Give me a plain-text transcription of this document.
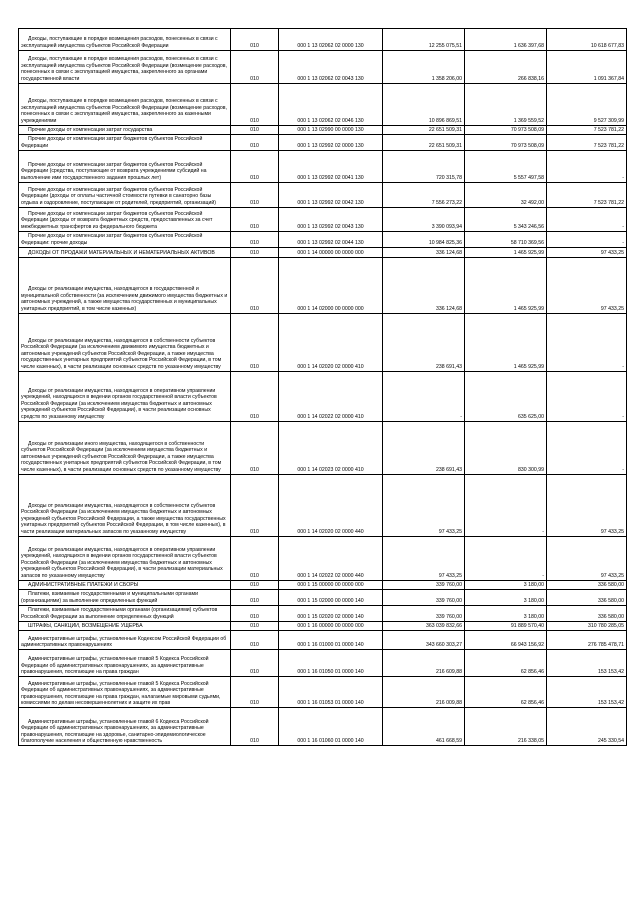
Доходы, поступающие в порядке возмещения расходов, понесенных в связи с эксплуатацией имущества субъектов Российской Федерации	010	000 1 13 02062 02 0000 130	12 255 075,51	1 636 397,68	10 618 677,83
Доходы, поступающие в порядке возмещения расходов, понесенных в связи с эксплуатацией имущества субъектов Российской Федерации (возмещение расходов, понесенных в связи с эксплуатацией имущества, закрепленного за органами государственной власти	010	000 1 13 02062 02 0043 130	1 358 206,00	266 838,16	1 091 367,84
Доходы, поступающие в порядке возмещения расходов, понесенных в связи с эксплуатацией имущества субъектов Российской Федерации (возмещение расходов, понесенных в связи с эксплуатацией имущества, закрепленного за казенными учреждениями	010	000 1 13 02062 02 0046 130	10 896 869,51	1 369 559,52	9 527 309,99
Прочие доходы от компенсации затрат государства	010	000 1 13 02990 00 0000 130	22 651 509,31	70 973 508,09	7 523 781,22
Прочие доходы от компенсации затрат бюджетов субъектов Российской Федерации	010	000 1 13 02992 02 0000 130	22 651 509,31	70 973 508,09	7 523 781,22
Прочие доходы от компенсации затрат бюджетов субъектов Российской Федерации (средства, поступающие от возврата учреждениями субсидий на выполнение ими государственного задания прошлых лет)	010	000 1 13 02992 02 0041 130	720 315,78	5 557 497,58	-
Прочие доходы от компенсации затрат бюджетов субъектов Российской Федерации (доходы от оплаты частичной стоимости путевки в санаторно базы отдыха и оздоровление, поступающие от родителей, предприятий, организаций)	010	000 1 13 02992 02 0042 130	7 556 273,22	32 492,00	7 523 781,22
Прочие доходы от компенсации затрат бюджетов субъектов Российской Федерации (доходы от возврата бюджетных средств, предоставленных за счет межбюджетных трансфертов из федерального бюджета	010	000 1 13 02992 02 0043 130	3 390 093,94	5 343 246,56	-
Прочие доходы от компенсации затрат бюджетов субъектов Российской Федерации: прочие доходы	010	000 1 13 02992 02 0044 130	10 984 825,36	58 710 369,56	-
ДОХОДЫ ОТ ПРОДАЖИ МАТЕРИАЛЬНЫХ И НЕМАТЕРИАЛЬНЫХ АКТИВОВ	010	000 1 14 00000 00 0000 000	336 124,68	1 465 925,99	97 433,25
Доходы от реализации имущества, находящегося в государственной и муниципальной собственности (за исключением движимого имущества бюджетных и автономных учреждений, а также имущества государственных и муниципальных унитарных предприятий, в том числе казенных)	010	000 1 14 02000 00 0000 000	336 124,68	1 465 925,99	97 433,25
Доходы от реализации имущества, находящегося в собственности субъектов Российской Федерации (за исключением движимого имущества бюджетных и автономных учреждений субъектов Российской Федерации, а также имущества государственных унитарных предприятий субъектов Российской Федерации, в том числе казенных), в части реализации основных средств по указанному имуществу	010	000 1 14 02020 02 0000 410	238 691,43	1 465 925,99	-
Доходы от реализации имущества, находящегося в оперативном управлении учреждений, находящихся в ведении органов государственной власти субъектов Российской Федерации (за исключением имущества бюджетных и автономных учреждений субъектов Российской Федерации), в части реализации основных средств по указанному имуществу	010	000 1 14 02022 02 0000 410	-	635 625,00	-
Доходы от реализации иного имущества, находящегося в собственности субъектов Российской Федерации (за исключением имущества бюджетных и автономных учреждений субъектов Российской Федерации, а также имущества государственных унитарных предприятий субъектов Российской Федерации, в том числе казенных), в части реализации основных средств по указанному имуществу	010	000 1 14 02023 02 0000 410	238 691,43	830 300,99	-
Доходы от реализации имущества, находящегося в собственности субъектов Российской Федерации (за исключением имущества бюджетных и автономных учреждений субъектов Российской Федерации, а также имущества государственных унитарных предприятий субъектов Российской Федерации, в том числе казенных), в части реализации материальных запасов по указанному имуществу	010	000 1 14 02020 02 0000 440	97 433,25	-	97 433,25
Доходы от реализации имущества, находящегося в оперативном управлении учреждений, находящихся в ведении органов государственной власти субъектов Российской Федерации (за исключением имущества бюджетных и автономных учреждений субъектов Российской Федерации), в части реализации материальных запасов по указанному имуществу	010	000 1 14 02022 02 0000 440	97 433,25	-	97 433,25
АДМИНИСТРАТИВНЫЕ ПЛАТЕЖИ И СБОРЫ	010	000 1 15 00000 00 0000 000	339 760,00	3 180,00	336 580,00
Платежи, взимаемые государственными и муниципальными органами (организациями) за выполнение определенных функций	010	000 1 15 02000 00 0000 140	339 760,00	3 180,00	336 580,00
Платежи, взимаемые государственными органами (организациями) субъектов Российской Федерации за выполнение определенных функций	010	000 1 15 02020 02 0000 140	339 760,00	3 180,00	336 580,00
ШТРАФЫ, САНКЦИИ, ВОЗМЕЩЕНИЕ УЩЕРБА	010	000 1 16 00000 00 0000 000	363 039 832,66	91 889 570,40	310 780 285,05
Административные штрафы, установленные Кодексом Российской Федерации об административных правонарушениях	010	000 1 16 01000 01 0000 140	343 660 303,27	66 943 156,92	276 785 478,71
Административные штрафы, установленные главой 5 Кодекса Российской Федерации об административных правонарушениях, за административные правонарушения, посягающие на права граждан	010	000 1 16 01050 01 0000 140	216 609,88	62 856,46	153 153,42
Административные штрафы, установленные главой 5 Кодекса Российской Федерации об административных правонарушениях, за административные правонарушения, посягающие на права граждан, налагаемые мировыми судьями, комиссиями по делам несовершеннолетних и защите их прав	010	000 1 16 01053 01 0000 140	216 009,88	62 856,46	153 153,42
Административные штрафы, установленные главой 6 Кодекса Российской Федерации об административных правонарушениях, за административные правонарушения, посягающие на здоровье, санитарно-эпидемиологическое благополучие населения и общественную нравственность	010	000 1 16 01060 01 0000 140	461 668,59	216 338,05	245 330,54
